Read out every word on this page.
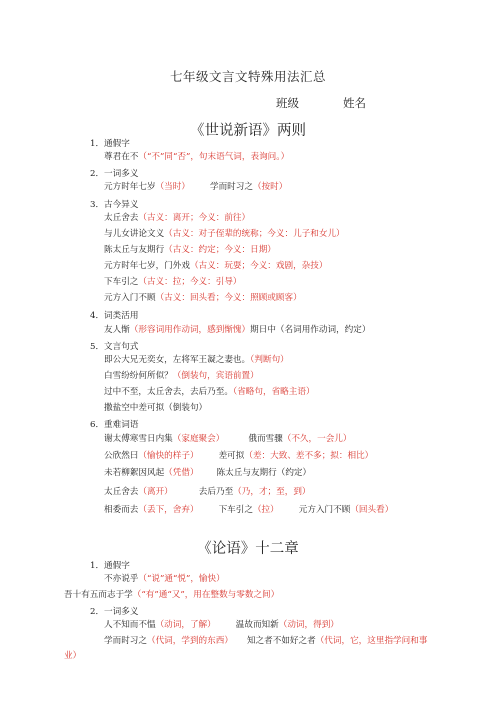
七年级文言文特殊用法汇总
班级	姓名
《世说新语》两则
1．通假字
尊君在不（“不”同“否”，句末语气词，表询问。）
2．一词多义
元方时年七岁（当时） 学而时习之（按时）
3．古今异义
太丘舍去（古义：离开；今义：前往）
与儿女讲论文义（古义：对子侄辈的统称；今义：儿子和女儿）
陈太丘与友期行（古义：约定；今义：日期）
元方时年七岁，门外戏（古义：玩耍；今义：戏剧，杂技）
下车引之（古义：拉；今义：引导）
元方入门不顾（古义：回头看；今义：照顾或顾客）
4．词类活用
友人惭（形容词用作动词，感到惭愧）期日中（名词用作动词，约定）
5．文言句式
即公大兄无奕女，左将军王凝之妻也。（判断句）
白雪纷纷何所似？（倒装句，宾语前置）
过中不至，太丘舍去，去后乃至。（省略句，省略主语）
撒盐空中差可拟（倒装句）
6．重难词语
谢太傅寒雪日内集（家庭聚会）	俄而雪骤（不久，一会儿）
公欣然曰（愉快的样子） 差可拟（差：大致、差不多；拟：相比）
未若柳絮因风起（凭借） 陈太丘与友期行（约定）
太丘舍去（离开）	去后乃至（乃，才；至，到）
相委而去（丢下，舍弃） 下车引之（拉） 元方入门不顾（回头看）
《论语》十二章
1．通假字
不亦说乎（“说”通“悦”，愉快）
吾十有五而志于学（“有”通“又”，用在整数与零数之间）
2．一词多义
人不知而不愠（动词，了解） 温故而知新（动词，得到）
学而时习之（代词，学到的东西） 知之者不如好之者（代词，它，这里指学问和事
业）
